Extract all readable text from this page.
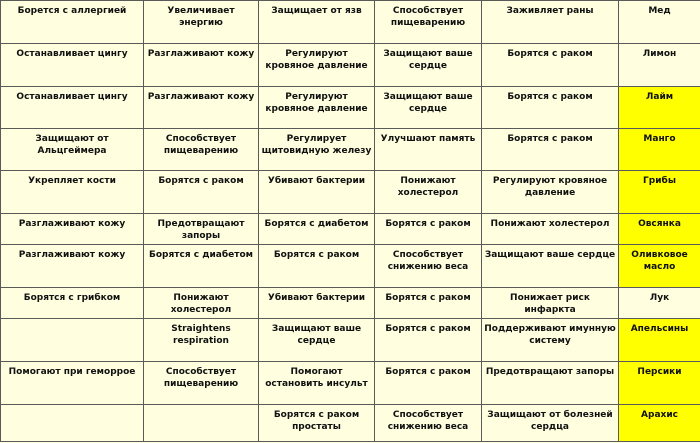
Борется с аллергией	Увеличивает энергию	Защищает от язв	Способствует пищеварению	Заживляет раны	Мед
Останавливает цингу	Разглаживают кожу	Регулируют кровяное давление	Защищают ваше сердце	Борятся с раком	Лимон
Останавливает цингу	Разглаживают кожу	Регулируют кровяное давление	Защищают ваше сердце	Борятся с раком	Лайм
Защищают от Альцгеймера	Способствует пищеварению	Регулирует щитовидную железу	Улучшают память	Борятся с раком	Манго
Укрепляет кости	Борятся с раком	Убивают бактерии	Понижают холестерол	Регулируют кровяное давление	Грибы
Разглаживают кожу	Предотвращают запоры	Борятся с диабетом	Борятся с раком	Понижают холестерол	Овсянка
Разглаживают кожу	Борятся с диабетом	Борятся с раком	Способствует снижению веса	Защищают ваше сердце	Оливковое масло
Борятся с грибком	Понижают холестерол	Убивают бактерии	Борятся с раком	Понижает риск инфаркта	Лук
	Straightens respiration	Защищают ваше сердце	Борятся с раком	Поддерживают имунную систему	Апельсины
Помогают при геморрое	Способствует пищеварению	Помогают остановить инсульт	Борятся с раком	Предотвращают запоры	Персики
		Борятся с раком простаты	Способствует снижению веса	Защищают от болезней сердца	Арахис
